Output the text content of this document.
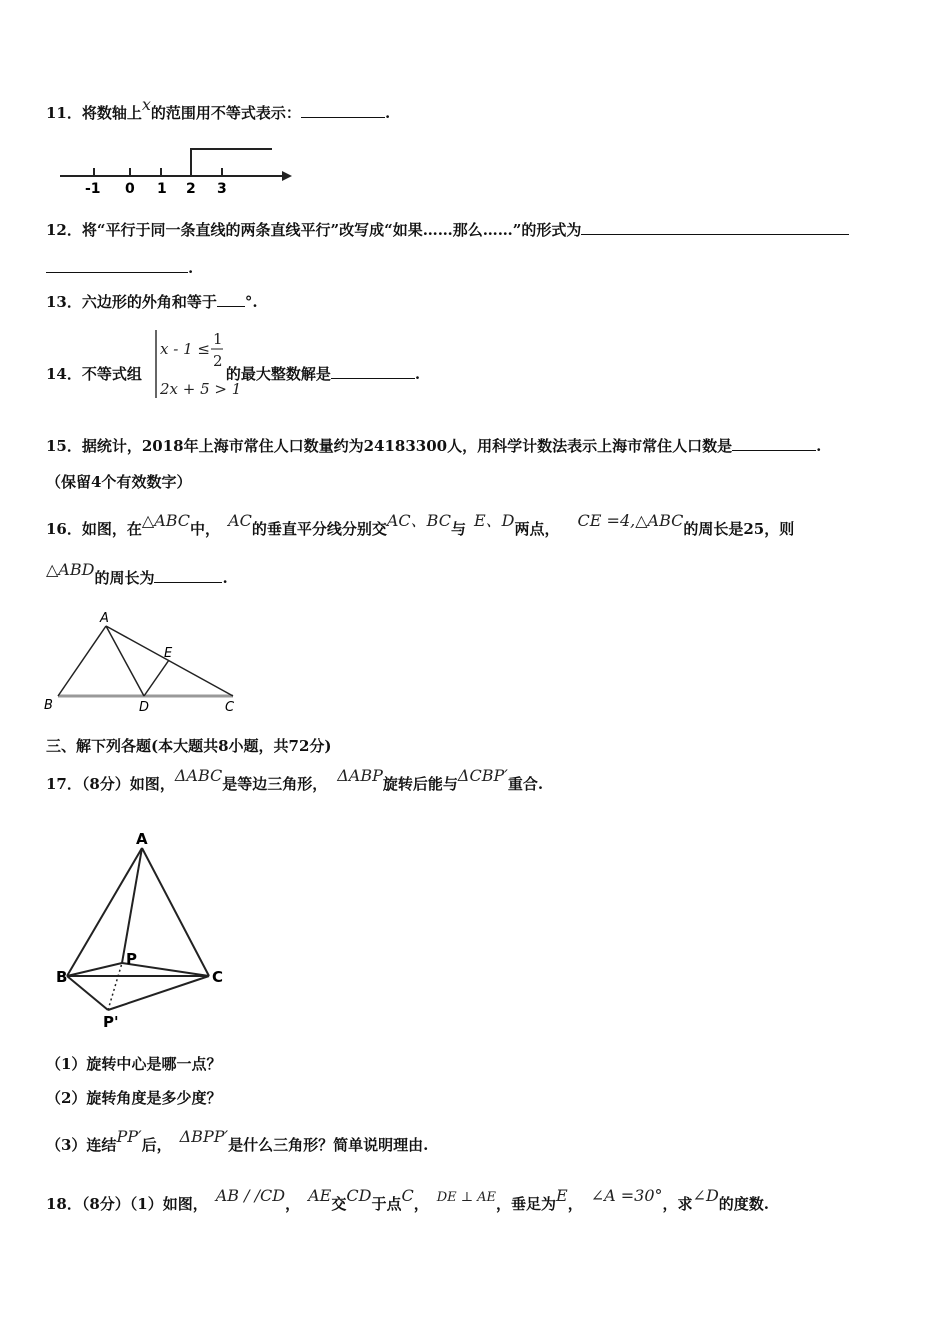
11．将数轴上x的范围用不等式表示：	.
-1 0 1 2 3
12．将“平行于同一条直线的两条直线平行”改写成“如果……那么……”的形式为
.
13．六边形的外角和等于 °.
14．不等式组	的最大整数解是	.
x - 1 ≤
1
2
2x + 5 > 1
15．据统计，2018年上海市常住人口数量约为24183300人，用科学计数法表示上海市常住人口数是	.
（保留4个有效数字）
16．如图，在△ABC中， AC的垂直平分线分别交AC、BC与 E、D两点， CE =4,△ABC的周长是25，则
△ABD的周长为	.
A
E
B	D	C
三、解下列各题(本大题共8小题，共72分)
17．（8分）如图，ΔABC是等边三角形， ΔABP旋转后能与ΔCBP′重合.
A
P
B	C
P'
（1）旋转中心是哪一点？
（2）旋转角度是多少度？
（3）连结PP′后， ΔBPP′是什么三角形？简单说明理由.
18．（8分）（1）如图， AB / /CD， AE交CD于点C， DE ⊥ AE，垂足为E， ∠A =30°，求∠D的度数.
